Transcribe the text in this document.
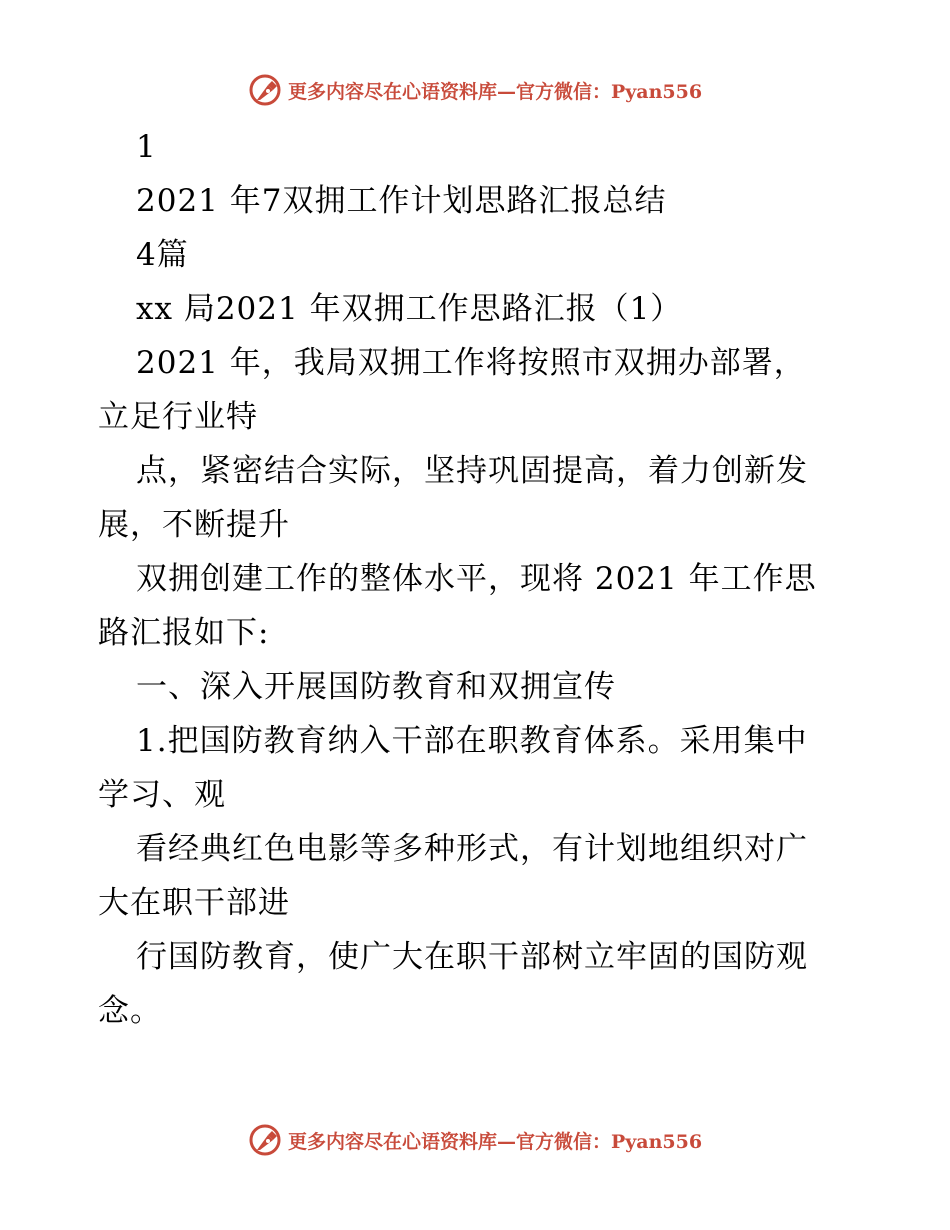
更多内容尽在心语资料库—官方微信：Pyan556
1
2021 年7双拥工作计划思路汇报总结
4篇
xx 局2021 年双拥工作思路汇报（1）
2021 年，我局双拥工作将按照市双拥办部署，
立足行业特
点，紧密结合实际，坚持巩固提高，着力创新发
展，不断提升
双拥创建工作的整体水平，现将 2021 年工作思
路汇报如下:
一、深入开展国防教育和双拥宣传
1.把国防教育纳入干部在职教育体系。采用集中
学习、观
看经典红色电影等多种形式，有计划地组织对广
大在职干部进
行国防教育，使广大在职干部树立牢固的国防观
念。
更多内容尽在心语资料库—官方微信：Pyan556
